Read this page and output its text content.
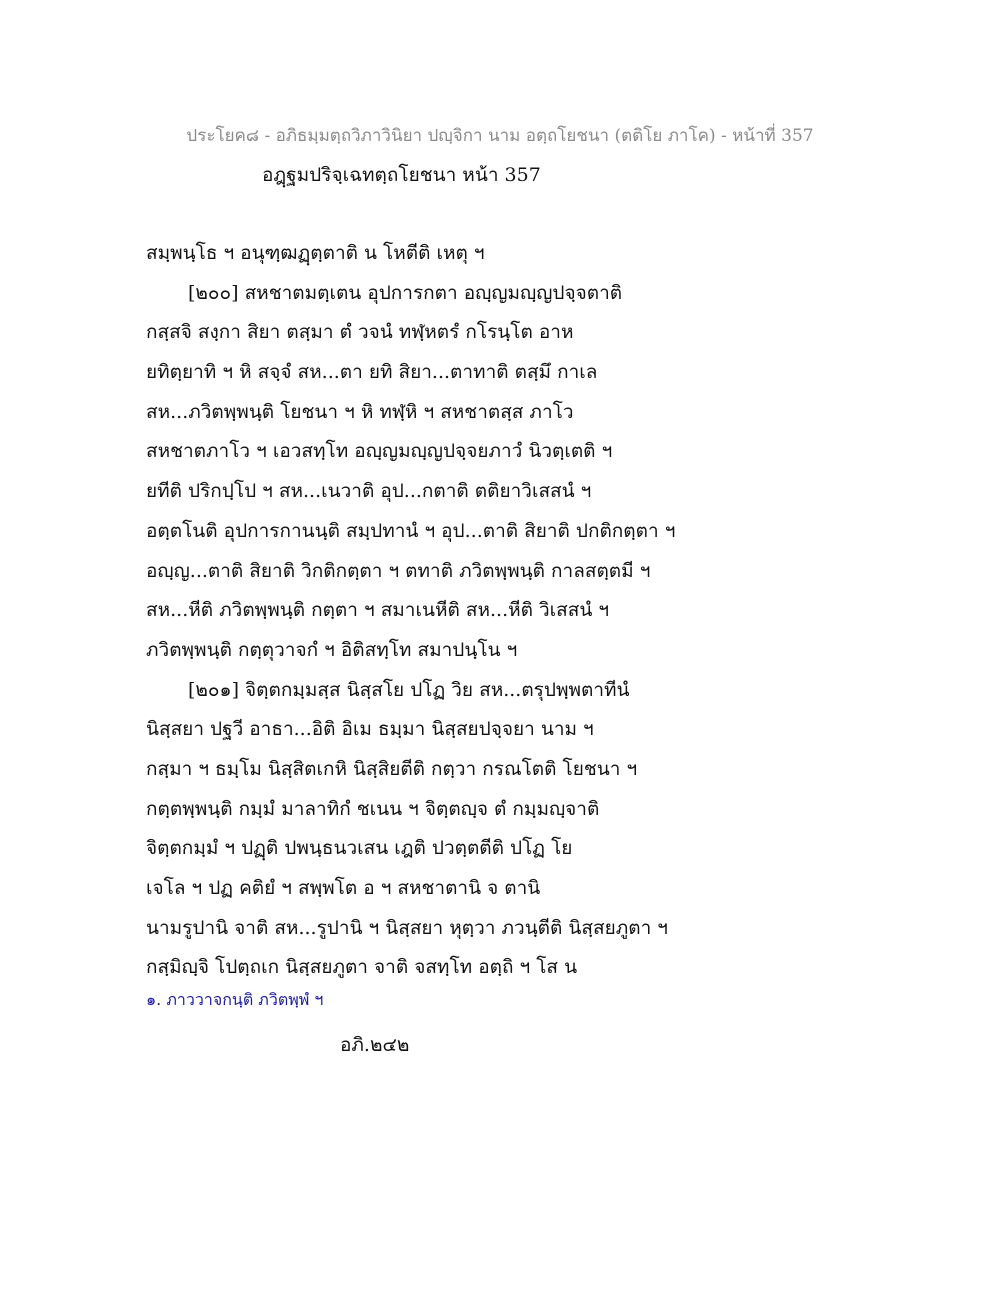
ประโยค๘ - อภิธมฺมตฺถวิภาวินิยา ปญฺจิกา นาม อตฺถโยชนา (ตติโย ภาโค) - หน้าที่ 357
อฎฺฐมปริจฺเฉทตฺถโยชนา หน้า 357
สมฺพนฺโธ ฯ อนุฑฺฒฏฺตฺตาติ น โหตีติ เหตุ ฯ
[๒๐๐] สหชาตมตฺเตน อุปการกตา อญฺญมญฺญปจฺจตาติ
กสฺสจิ สงฺกา สิยา ตสฺมา ตํ วจนํ ทฬฺหตรํ กโรนฺโต อาห
ยทิตฺยาทิ ฯ หิ สจฺจํ สห...ตา ยทิ สิยา...ตาทาติ ตสฺมึ กาเล
สห...ภวิตพฺพนฺติ โยชนา ฯ หิ ทฬฺหิ ฯ สหชาตสฺส ภาโว
สหชาตภาโว ฯ เอวสทฺโท อญฺญมญฺญปจฺจยภาวํ นิวตฺเตติ ฯ
ยทีติ ปริกปฺโป ฯ สห...เนวาติ อุป...กตาติ ตติยาวิเสสนํ ฯ
อตฺตโนติ อุปการกานนฺติ สมฺปทานํ ฯ อุป...ตาติ สิยาติ ปกติกตฺตา ฯ
อญฺญ...ตาติ สิยาติ วิกติกตฺตา ฯ ตทาติ ภวิตพฺพนฺติ กาลสตฺตมี ฯ
สห...หีติ ภวิตพฺพนฺติ กตฺตา ฯ สมาเนหีติ สห...หีติ วิเสสนํ ฯ
ภวิตพฺพนฺติ กตฺตุวาจกํ ฯ อิติสทฺโท สมาปนฺโน ฯ
[๒๐๑] จิตฺตกมฺมสฺส นิสฺสโย ปโฏ วิย สห...ตรุปพฺพตาทีนํ
นิสฺสยา ปฐวี อาธา...อิติ อิเม ธมฺมา นิสฺสยปจฺจยา นาม ฯ
กสฺมา ฯ ธมฺโม นิสฺสิตเกหิ นิสฺสิยตีติ กตฺวา กรณโตติ โยชนา ฯ
กตฺตพฺพนฺติ กมฺมํ มาลาทิกํ ชเนน ฯ จิตฺตญฺจ ตํ กมฺมญฺจาติ
จิตฺตกมฺมํ ฯ ปฏฺติ ปพนฺธนวเสน เฎติ ปวตฺตตีติ ปโฏ โย
เจโล ฯ ปฏ คติยํ ฯ สพฺพโต อ ฯ สหชาตานิ จ ตานิ
นามรูปานิ จาติ สห...รูปานิ ฯ นิสฺสยา หุตฺวา ภวนฺตีติ นิสฺสยภูตา ฯ
กสฺมิญฺจิ โปตฺถเก นิสฺสยภูตา จาติ จสทฺโท อตฺถิ ฯ โส น
๑. ภาววาจกนฺติ ภวิตพฺพํ ฯ
อภิ.๒๔๒
